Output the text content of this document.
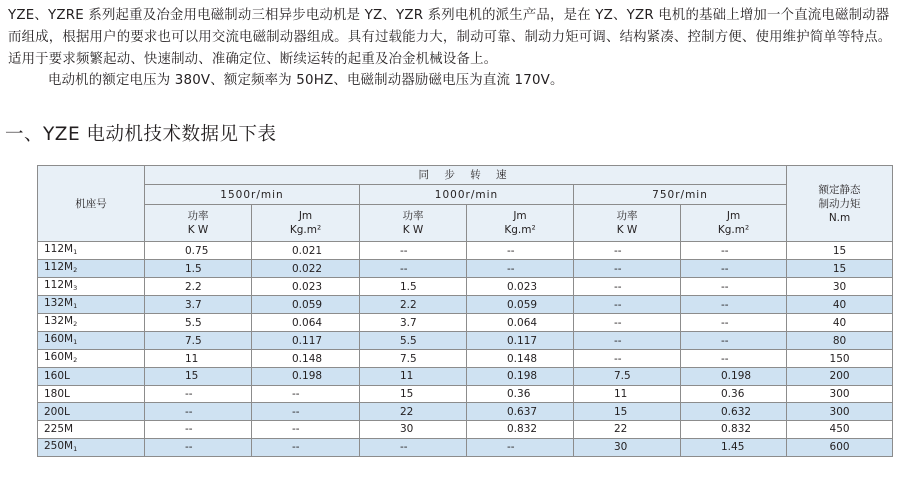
YZE、YZRE 系列起重及冶金用电磁制动三相异步电动机是 YZ、YZR 系列电机的派生产品，是在 YZ、YZR 电机的基础上增加一个直流电磁制动器而组成，根据用户的要求也可以用交流电磁制动器组成。具有过载能力大，制动可靠、制动力矩可调、结构紧凑、控制方便、使用维护简单等特点。适用于要求频繁起动、快速制动、准确定位、断续运转的起重及冶金机械设备上。

电动机的额定电压为 380V、额定频率为 50HZ、电磁制动器励磁电压为直流 170V。

一、YZE 电动机技术数据见下表
机座号	同 步 转 速						额定静态
制动力矩
N.m

	1500r/min		1000r/min		750r/min		

	功率
K W	Jm
Kg.m²	功率
K W	Jm
Kg.m²	功率
K W	Jm
Kg.m²	

$112M_1$	0.75	0.021	--	--	--	--	15
$112M_2$	1.5	0.022	--	--	--	--	15
$112M_3$	2.2	0.023	1.5	0.023	--	--	30
$132M_1$	3.7	0.059	2.2	0.059	--	--	40
$132M_2$	5.5	0.064	3.7	0.064	--	--	40
$160M_1$	7.5	0.117	5.5	0.117	--	--	80
$160M_2$	11	0.148	7.5	0.148	--	--	150
160L	15	0.198	11	0.198	7.5	0.198	200
180L	--	--	15	0.36	11	0.36	300
200L	--	--	22	0.637	15	0.632	300
225M	--	--	30	0.832	22	0.832	450
$250M_1$	--	--	--	--	30	1.45	600
